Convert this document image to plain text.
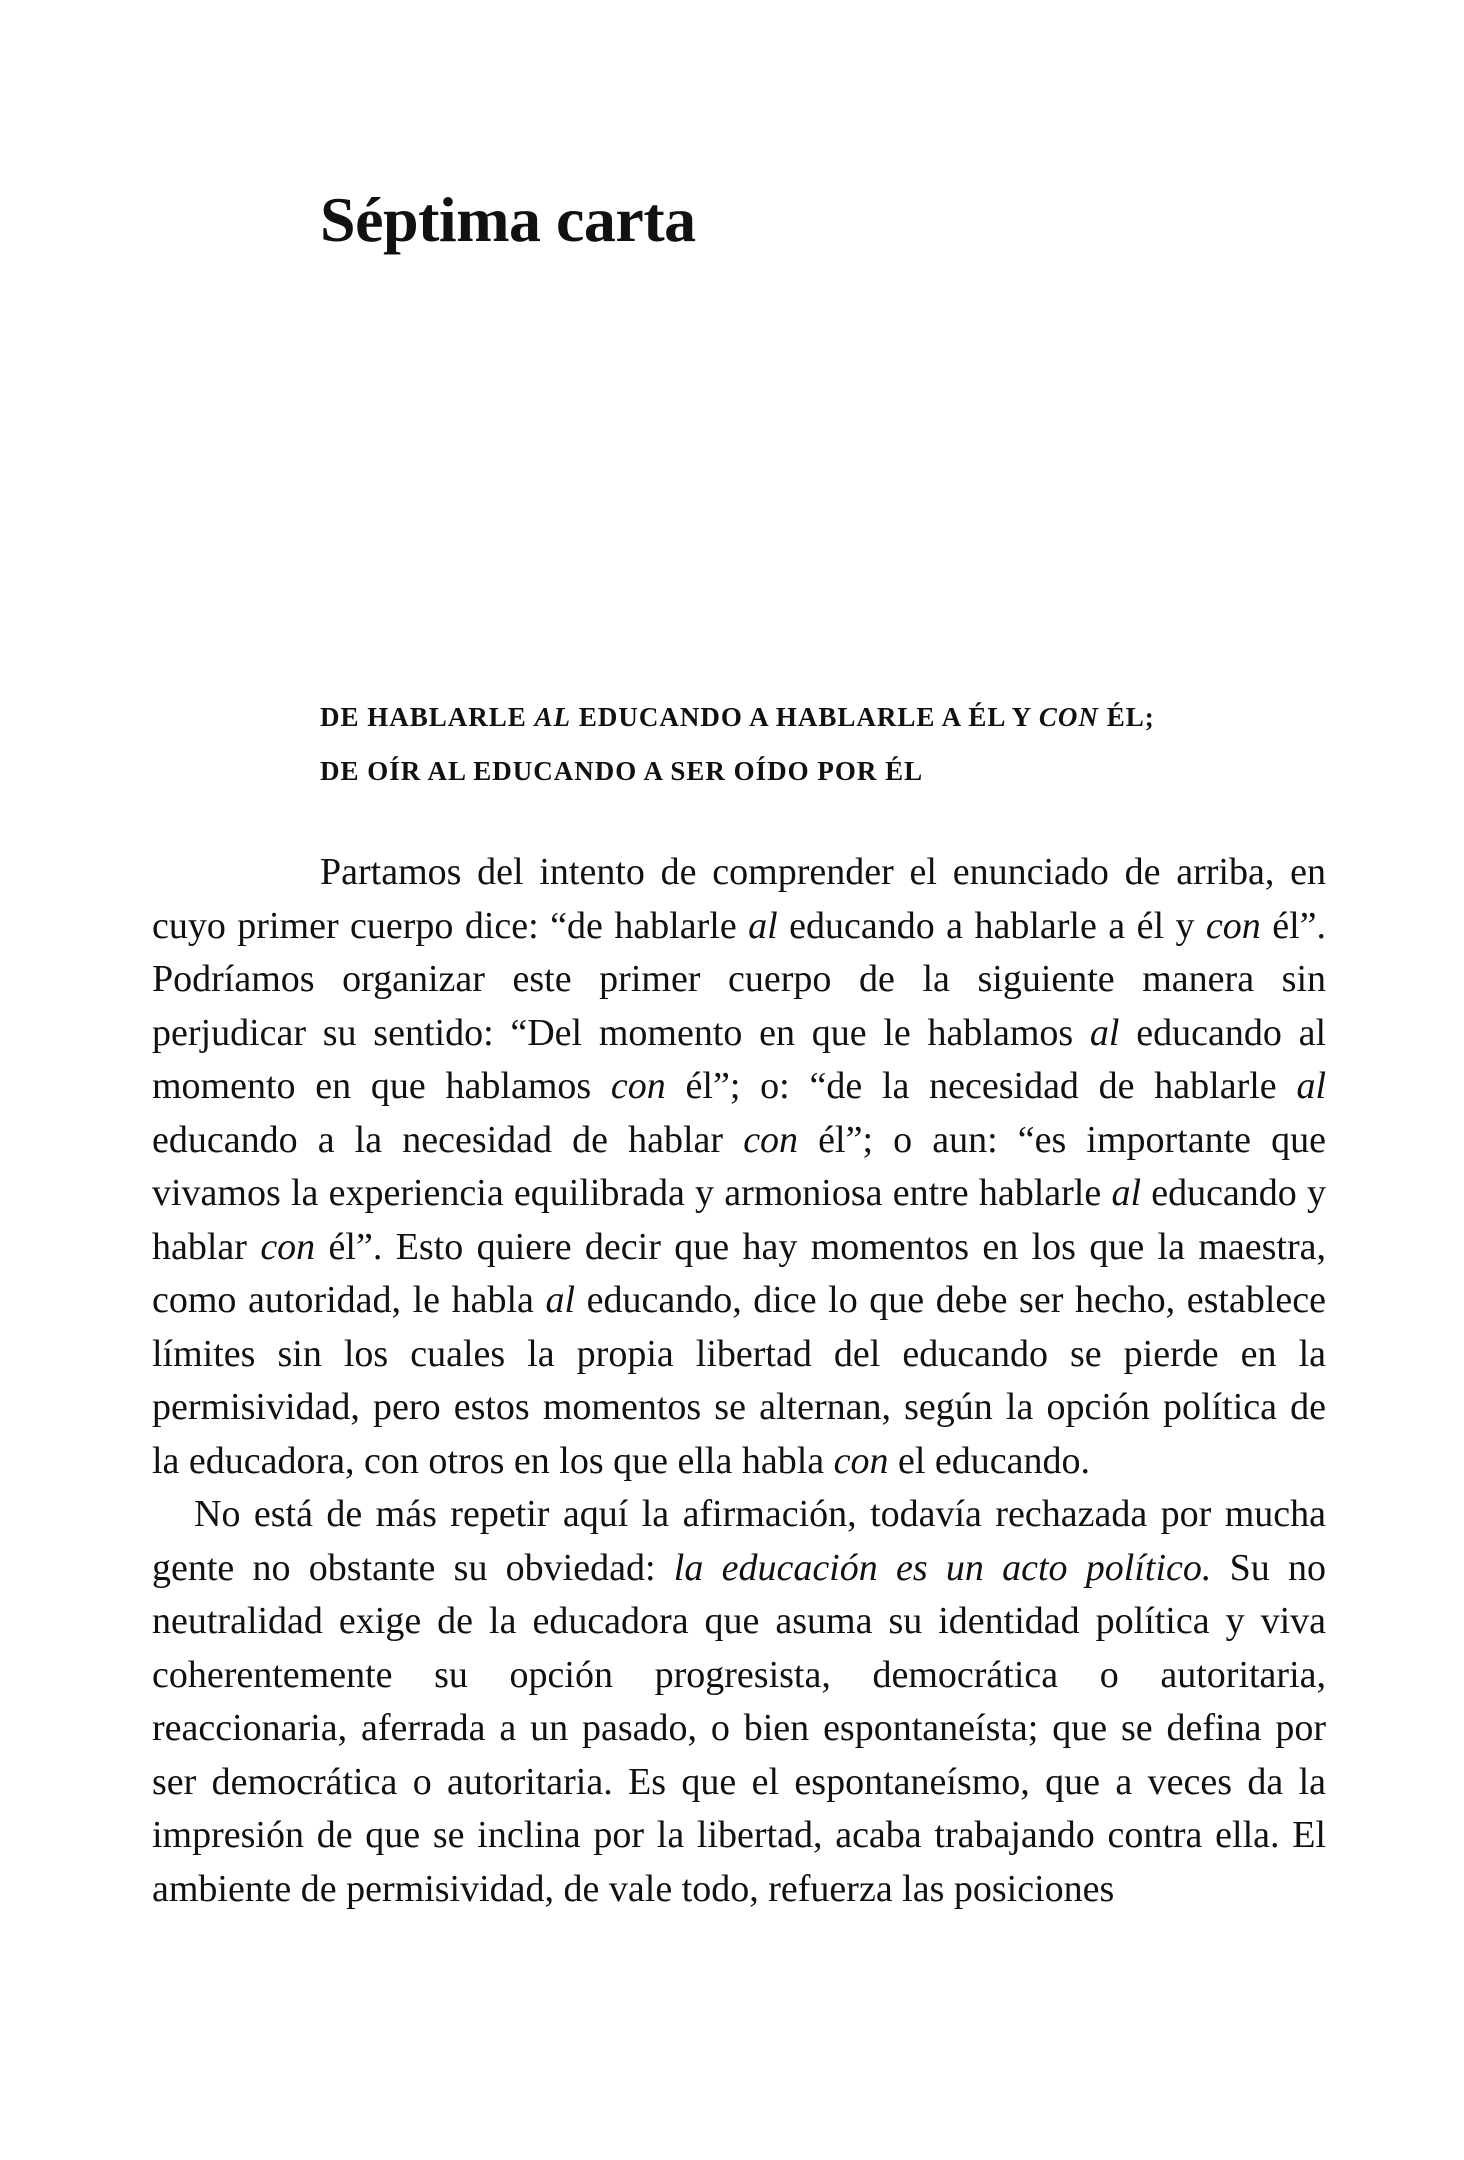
Séptima carta
DE HABLARLE AL EDUCANDO A HABLARLE A ÉL Y CON ÉL;
DE OÍR AL EDUCANDO A SER OÍDO POR ÉL

Partamos del intento de comprender el enunciado de arriba, en cuyo primer cuerpo dice: “de hablarle al educando a hablarle a él y con él”. Podríamos organizar este primer cuerpo de la siguiente manera sin perjudicar su sentido: “Del momento en que le hablamos al educando al momento en que hablamos con él”; o: “de la necesidad de hablarle al educando a la necesidad de hablar con él”; o aun: “es importante que vivamos la experiencia equilibrada y armoniosa entre hablarle al educando y hablar con él”. Esto quiere decir que hay momentos en los que la maestra, como autoridad, le habla al educando, dice lo que debe ser hecho, establece límites sin los cuales la propia libertad del educando se pierde en la permisividad, pero estos momentos se alternan, según la opción política de la educadora, con otros en los que ella habla con el educando.

No está de más repetir aquí la afirmación, todavía rechazada por mucha gente no obstante su obviedad: la educación es un acto político. Su no neutralidad exige de la educadora que asuma su identidad política y viva coherentemente su opción progresista, democrática o autoritaria, reaccionaria, aferrada a un pasado, o bien espontaneísta; que se defina por ser democrática o autoritaria. Es que el espontaneísmo, que a veces da la impresión de que se inclina por la libertad, acaba trabajando contra ella. El ambiente de permisividad, de vale todo, refuerza las posiciones
